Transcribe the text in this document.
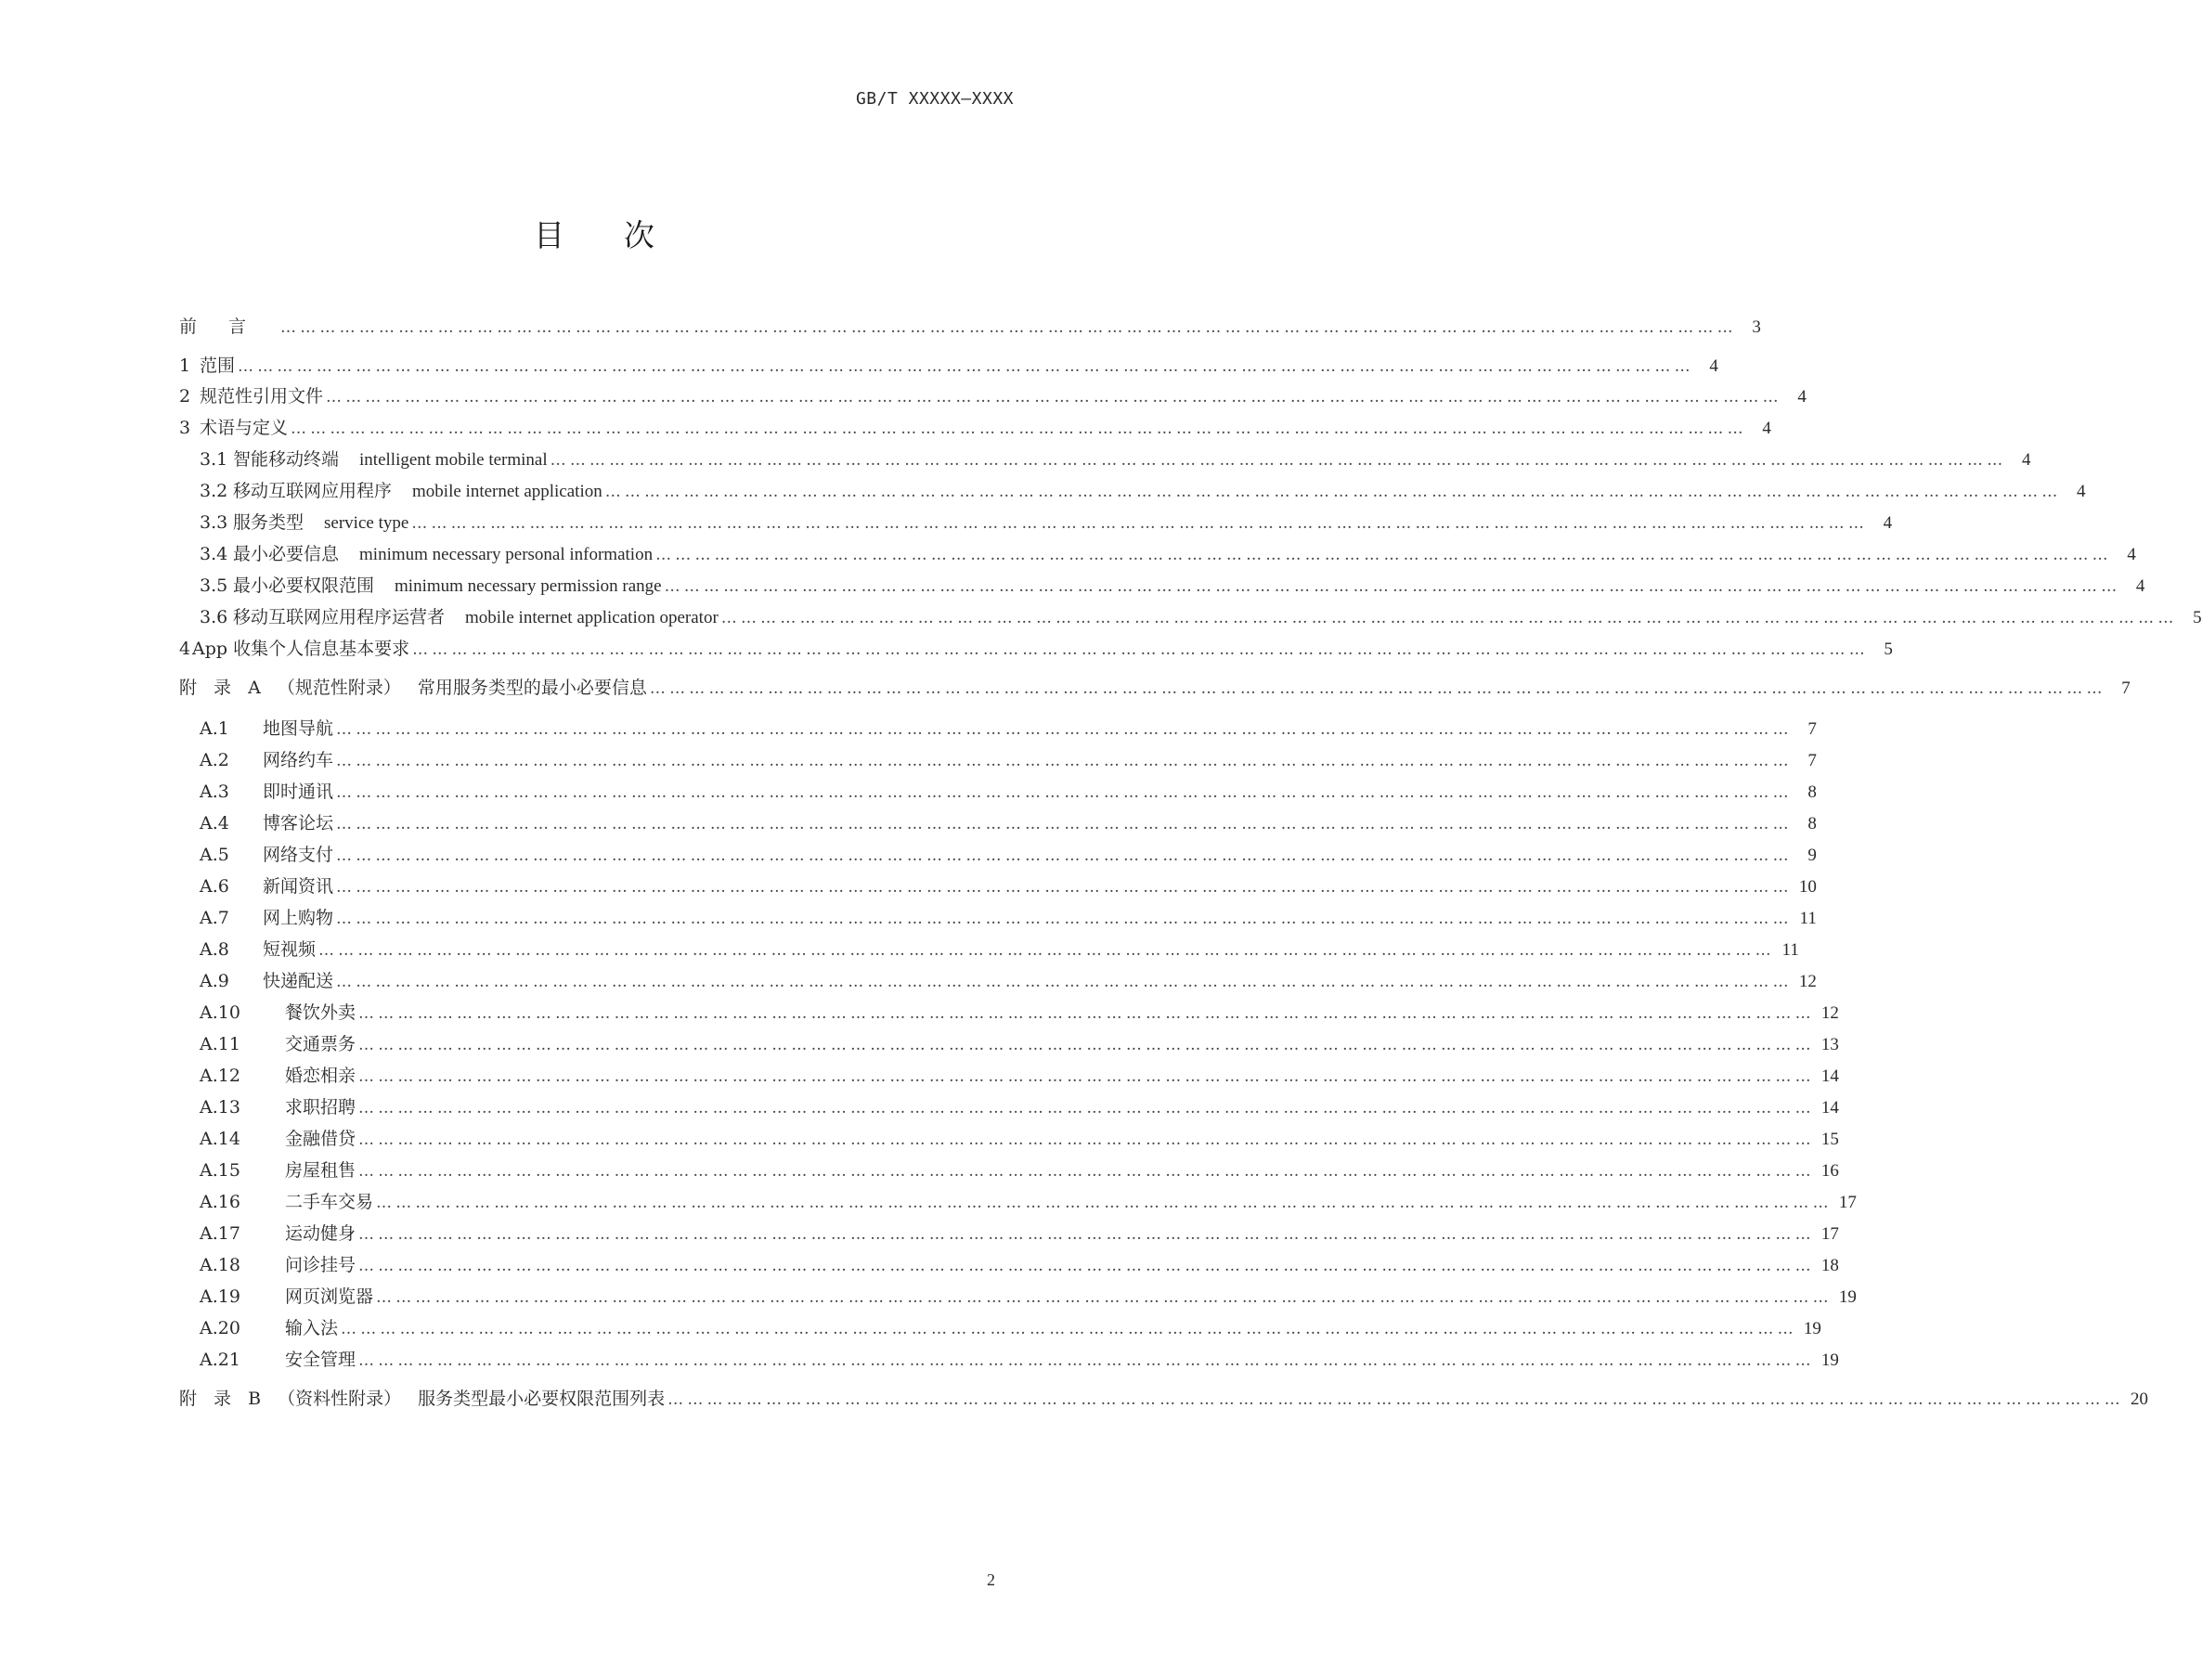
GB/T XXXXX—XXXX
目次
前言 …………………………………………………………………………………………………………………………………………………………………………………………………… 3
1 范围 …………………………………………………………………………………………………………………………………………………………………………………………………… 4
2 规范性引用文件 …………………………………………………………………………………………………………………………………………………………………………………………………… 4
3 术语与定义 …………………………………………………………………………………………………………………………………………………………………………………………………… 4
3.1 智能移动终端 intelligent mobile terminal …………………………………………………………………………………………………………………………………………………………………………………………………… 4
3.2 移动互联网应用程序 mobile internet application …………………………………………………………………………………………………………………………………………………………………………………………………… 4
3.3 服务类型 service type …………………………………………………………………………………………………………………………………………………………………………………………………… 4
3.4 最小必要信息 minimum necessary personal information …………………………………………………………………………………………………………………………………………………………………………………………………… 4
3.5 最小必要权限范围 minimum necessary permission range …………………………………………………………………………………………………………………………………………………………………………………………………… 4
3.6 移动互联网应用程序运营者 mobile internet application operator …………………………………………………………………………………………………………………………………………………………………………………………………… 5
4 App 收集个人信息基本要求 …………………………………………………………………………………………………………………………………………………………………………………………………… 5
附 录 A （规范性附录） 常用服务类型的最小必要信息 …………………………………………………………………………………………………………………………………………………………………………………………………… 7
A.1	地图导航 …………………………………………………………………………………………………………………………………………………………………………………………………… 7
A.2	网络约车 …………………………………………………………………………………………………………………………………………………………………………………………………… 7
A.3	即时通讯 …………………………………………………………………………………………………………………………………………………………………………………………………… 8
A.4	博客论坛 …………………………………………………………………………………………………………………………………………………………………………………………………… 8
A.5	网络支付 …………………………………………………………………………………………………………………………………………………………………………………………………… 9
A.6	新闻资讯 …………………………………………………………………………………………………………………………………………………………………………………………………… 10
A.7	网上购物 …………………………………………………………………………………………………………………………………………………………………………………………………… 11
A.8	短视频 …………………………………………………………………………………………………………………………………………………………………………………………………… 11
A.9	快递配送 …………………………………………………………………………………………………………………………………………………………………………………………………… 12
A.10	餐饮外卖 …………………………………………………………………………………………………………………………………………………………………………………………………… 12
A.11	交通票务 …………………………………………………………………………………………………………………………………………………………………………………………………… 13
A.12	婚恋相亲 …………………………………………………………………………………………………………………………………………………………………………………………………… 14
A.13	求职招聘 …………………………………………………………………………………………………………………………………………………………………………………………………… 14
A.14	金融借贷 …………………………………………………………………………………………………………………………………………………………………………………………………… 15
A.15	房屋租售 …………………………………………………………………………………………………………………………………………………………………………………………………… 16
A.16	二手车交易 …………………………………………………………………………………………………………………………………………………………………………………………………… 17
A.17	运动健身 …………………………………………………………………………………………………………………………………………………………………………………………………… 17
A.18	问诊挂号 …………………………………………………………………………………………………………………………………………………………………………………………………… 18
A.19	网页浏览器 …………………………………………………………………………………………………………………………………………………………………………………………………… 19
A.20	输入法 …………………………………………………………………………………………………………………………………………………………………………………………………… 19
A.21	安全管理 …………………………………………………………………………………………………………………………………………………………………………………………………… 19
附 录 B （资料性附录） 服务类型最小必要权限范围列表 …………………………………………………………………………………………………………………………………………………………………………………………………… 20
2
